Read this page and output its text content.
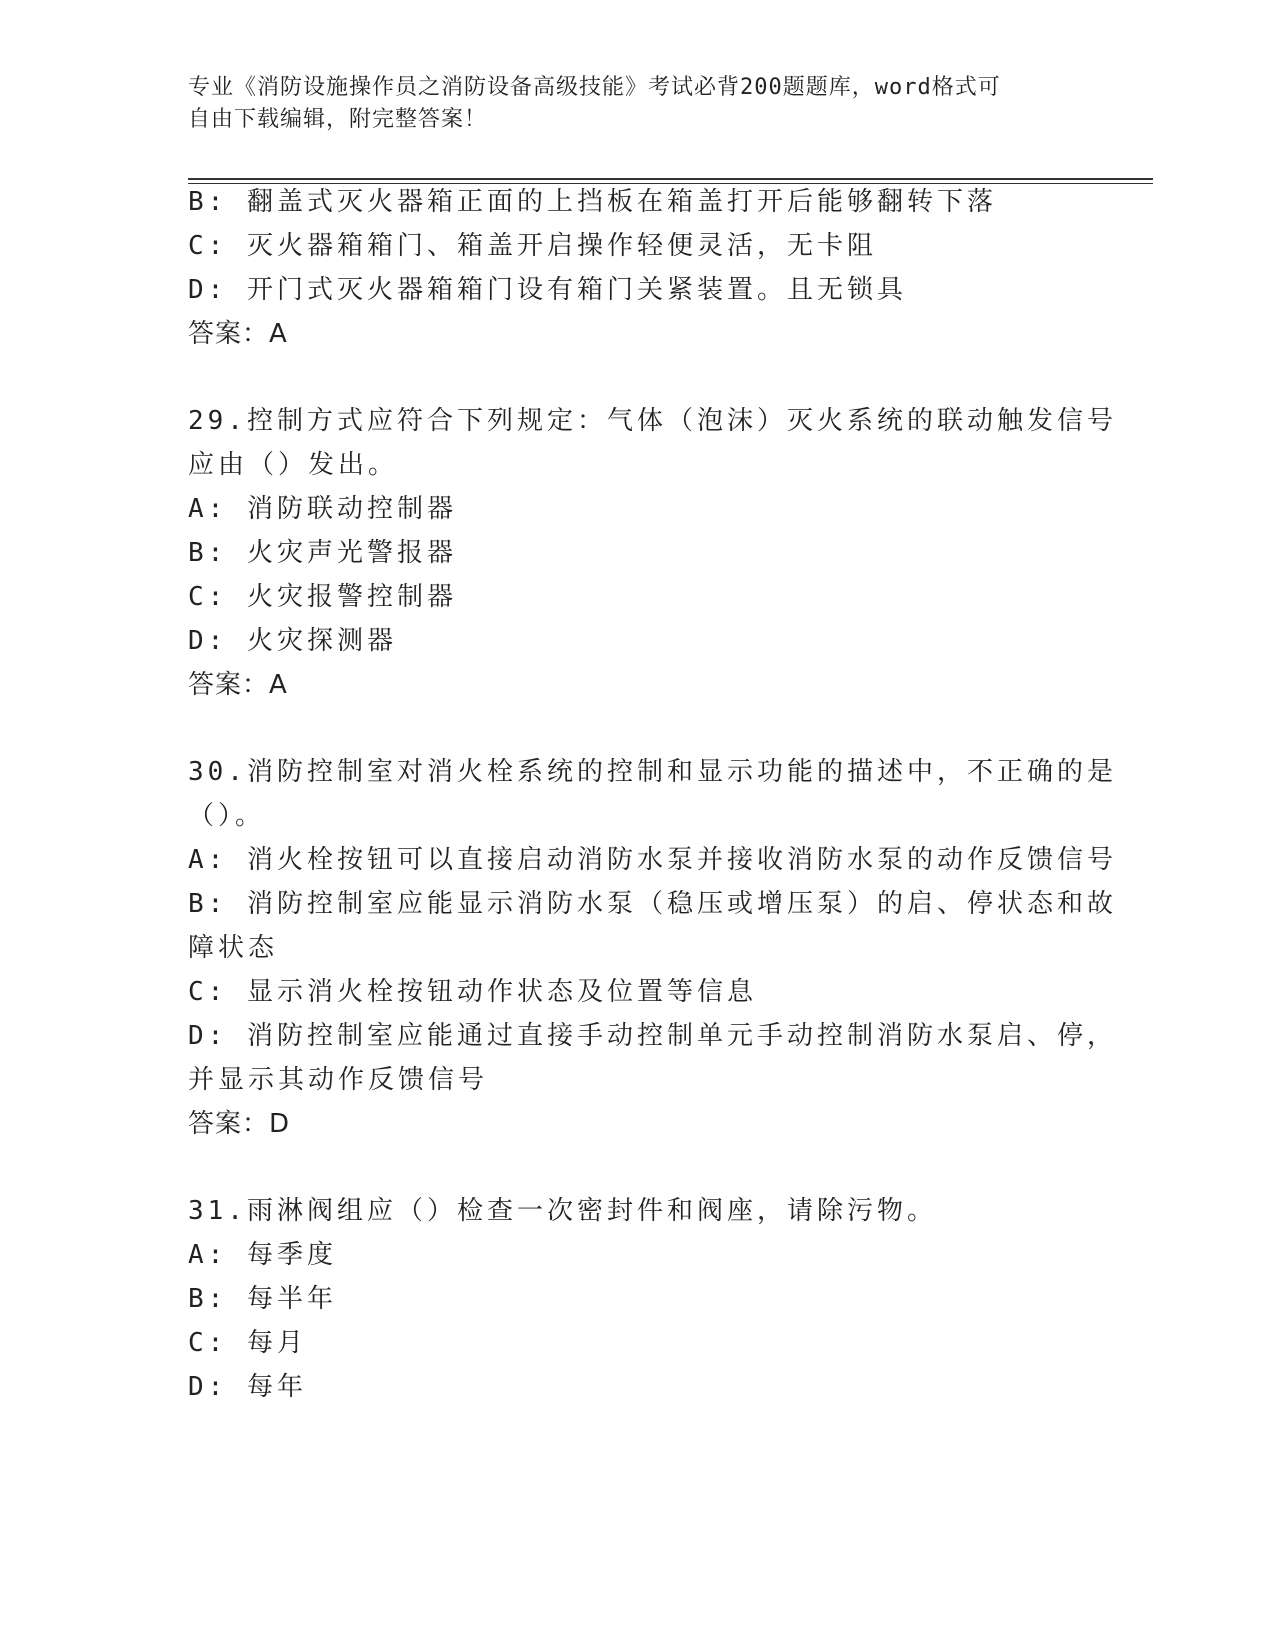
专业《消防设施操作员之消防设备高级技能》考试必背200题题库，word格式可
自由下载编辑，附完整答案！
B: 翻盖式灭火器箱正面的上挡板在箱盖打开后能够翻转下落
C: 灭火器箱箱门、箱盖开启操作轻便灵活，无卡阻
D: 开门式灭火器箱箱门设有箱门关紧装置。且无锁具
答案：A
29.控制方式应符合下列规定：气体（泡沫）灭火系统的联动触发信号
应由（）发出。
A: 消防联动控制器
B: 火灾声光警报器
C: 火灾报警控制器
D: 火灾探测器
答案：A
30.消防控制室对消火栓系统的控制和显示功能的描述中，不正确的是
（）。
A: 消火栓按钮可以直接启动消防水泵并接收消防水泵的动作反馈信号
B: 消防控制室应能显示消防水泵（稳压或增压泵）的启、停状态和故
障状态
C: 显示消火栓按钮动作状态及位置等信息
D: 消防控制室应能通过直接手动控制单元手动控制消防水泵启、停，
并显示其动作反馈信号
答案：D
31.雨淋阀组应（）检查一次密封件和阀座，请除污物。
A: 每季度
B: 每半年
C: 每月
D: 每年
